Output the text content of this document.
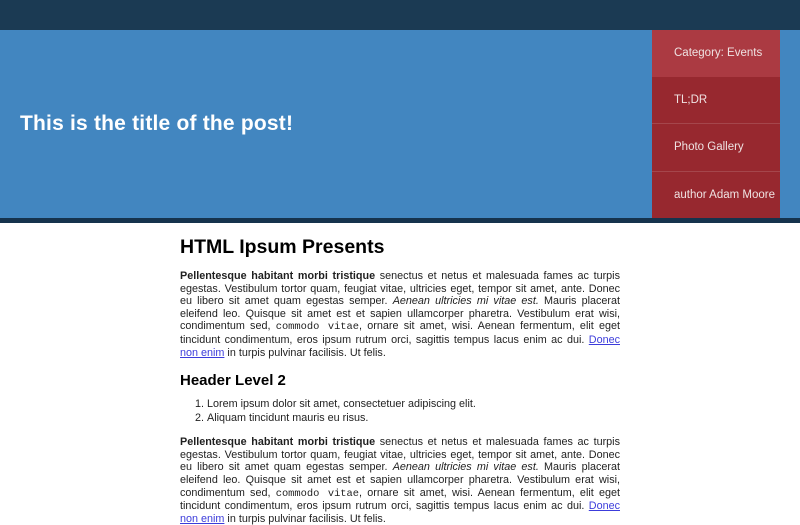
This is the title of the post!
Category: Events
TL;DR
Photo Gallery
author Adam Moore
HTML Ipsum Presents

Pellentesque habitant morbi tristique senectus et netus et malesuada fames ac turpis egestas. Vestibulum tortor quam, feugiat vitae, ultricies eget, tempor sit amet, ante. Donec eu libero sit amet quam egestas semper. Aenean ultricies mi vitae est. Mauris placerat eleifend leo. Quisque sit amet est et sapien ullamcorper pharetra. Vestibulum erat wisi, condimentum sed, commodo vitae, ornare sit amet, wisi. Aenean fermentum, elit eget tincidunt condimentum, eros ipsum rutrum orci, sagittis tempus lacus enim ac dui. Donec non enim in turpis pulvinar facilisis. Ut felis.

Header Level 2
1. Lorem ipsum dolor sit amet, consectetuer adipiscing elit.
2. Aliquam tincidunt mauris eu risus.

Pellentesque habitant morbi tristique senectus et netus et malesuada fames ac turpis egestas. Vestibulum tortor quam, feugiat vitae, ultricies eget, tempor sit amet, ante. Donec eu libero sit amet quam egestas semper. Aenean ultricies mi vitae est. Mauris placerat eleifend leo. Quisque sit amet est et sapien ullamcorper pharetra. Vestibulum erat wisi, condimentum sed, commodo vitae, ornare sit amet, wisi. Aenean fermentum, elit eget tincidunt condimentum, eros ipsum rutrum orci, sagittis tempus lacus enim ac dui. Donec non enim in turpis pulvinar facilisis. Ut felis.
